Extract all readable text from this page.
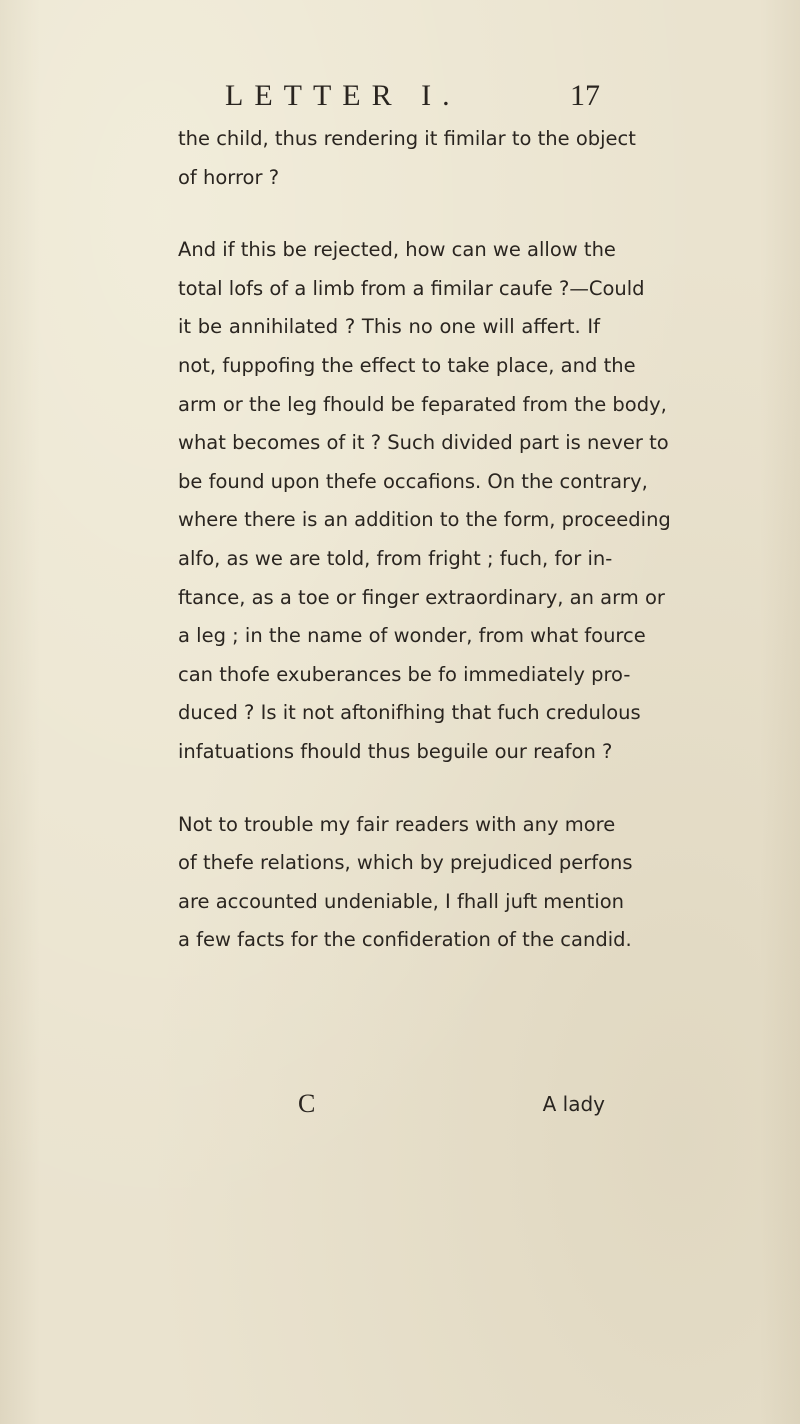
LETTER I.	17
the child, thus rendering it fimilar to the object
of horror ?
And if this be rejected, how can we allow the
total lofs of a limb from a fimilar caufe ?—Could
it be annihilated ? This no one will affert. If
not, fuppofing the effect to take place, and the
arm or the leg fhould be feparated from the body,
what becomes of it ? Such divided part is never to
be found upon thefe occafions. On the contrary,
where there is an addition to the form, proceeding
alfo, as we are told, from fright ; fuch, for in-
ftance, as a toe or finger extraordinary, an arm or
a leg ; in the name of wonder, from what fource
can thofe exuberances be fo immediately pro-
duced ? Is it not aftonifhing that fuch credulous
infatuations fhould thus beguile our reafon ?
Not to trouble my fair readers with any more
of thefe relations, which by prejudiced perfons
are accounted undeniable, I fhall juft mention
a few facts for the confideration of the candid.
C	A lady
